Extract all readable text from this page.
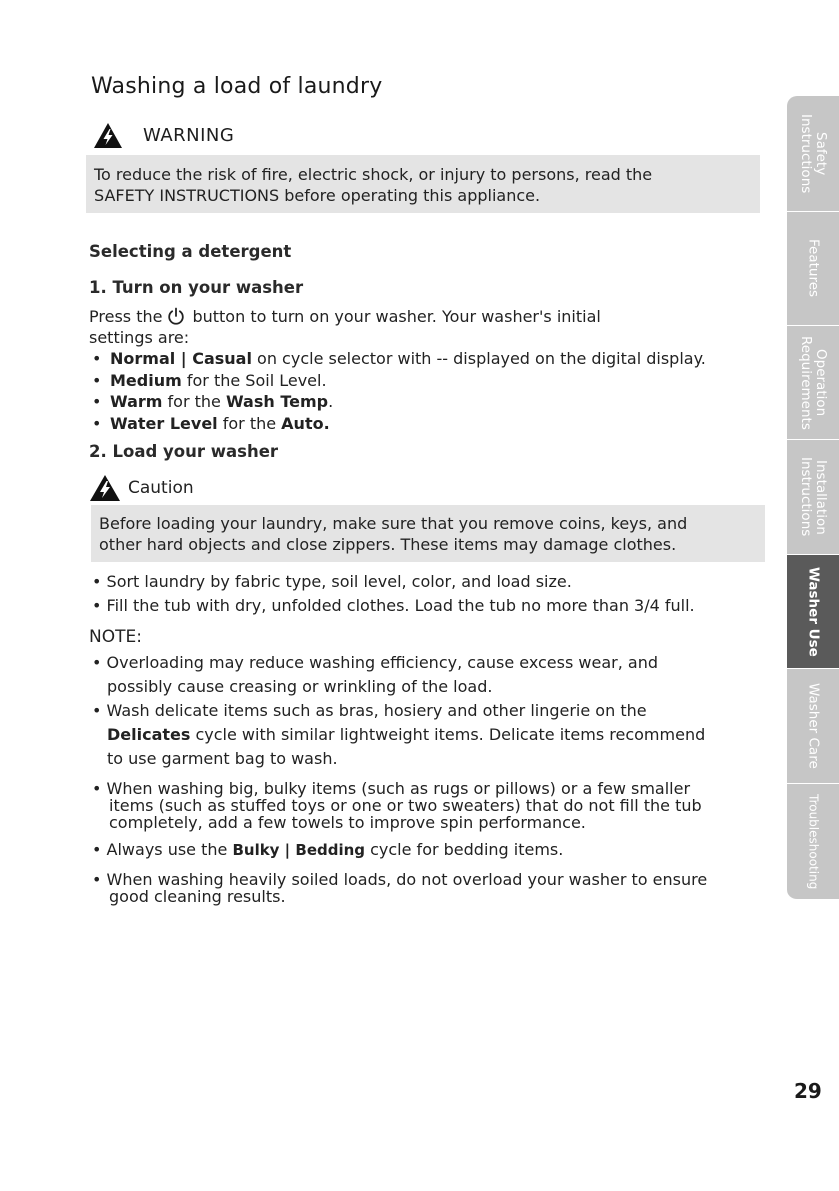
Washing a load of laundry
WARNING
To reduce the risk of fire, electric shock, or injury to persons, read the
SAFETY INSTRUCTIONS before operating this appliance.
Selecting a detergent
1. Turn on your washer
Press the button to turn on your washer. Your washer's initial
settings are:
• Normal | Casual on cycle selector with -- displayed on the digital display.
• Medium for the Soil Level.
• Warm for the Wash Temp.
• Water Level for the Auto.
2. Load your washer
Caution
Before loading your laundry, make sure that you remove coins, keys, and
other hard objects and close zippers. These items may damage clothes.
• Sort laundry by fabric type, soil level, color, and load size.
• Fill the tub with dry, unfolded clothes. Load the tub no more than 3/4 full.
NOTE:
• Overloading may reduce washing efficiency, cause excess wear, and
possibly cause creasing or wrinkling of the load.
• Wash delicate items such as bras, hosiery and other lingerie on the
Delicates cycle with similar lightweight items. Delicate items recommend
to use garment bag to wash.
• When washing big, bulky items (such as rugs or pillows) or a few smaller
items (such as stuffed toys or one or two sweaters) that do not fill the tub
completely, add a few towels to improve spin performance.
• Always use the Bulky | Bedding cycle for bedding items.
• When washing heavily soiled loads, do not overload your washer to ensure
good cleaning results.
Safety
Instructions
Features
Operation
Requirements
Installation
Instructions
Washer Use
Washer Care
Troubleshooting
29
